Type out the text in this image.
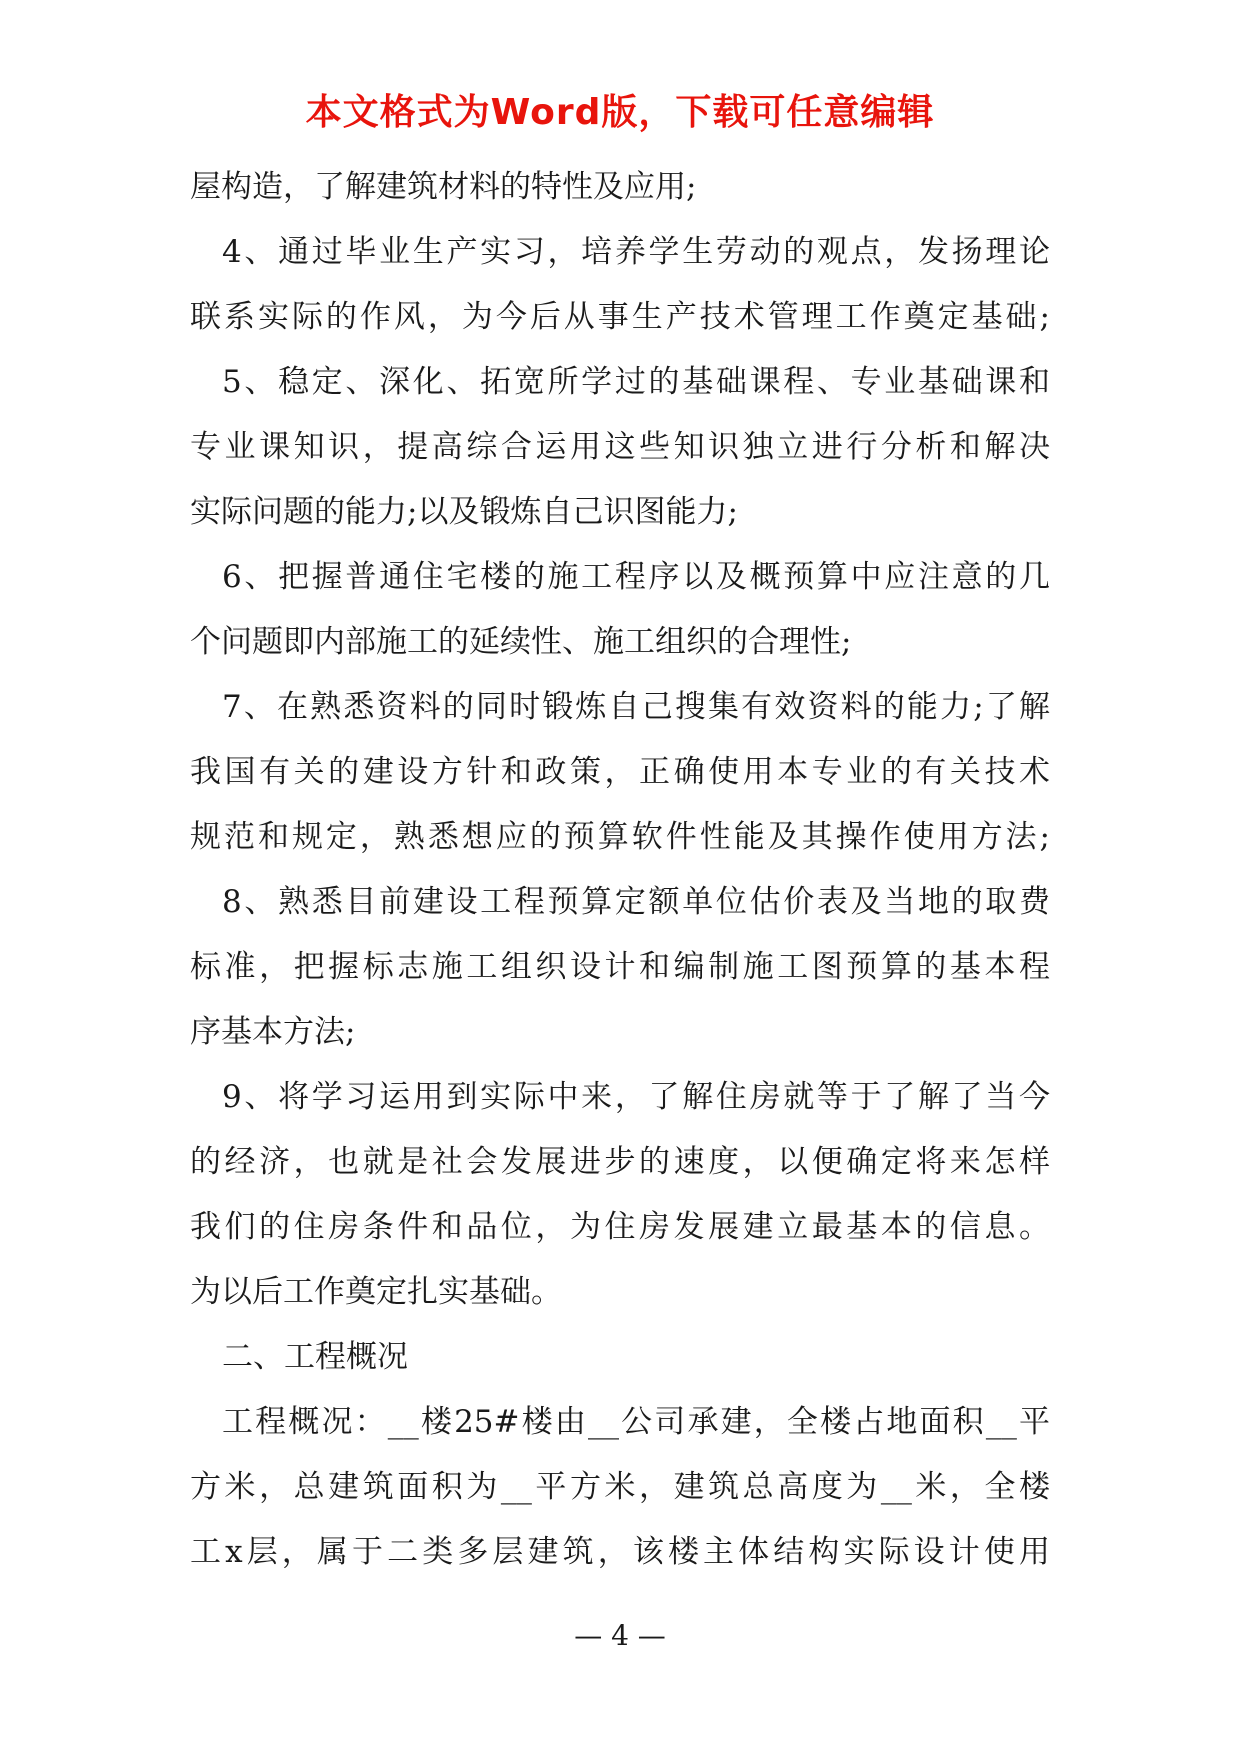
本文格式为Word版，下载可任意编辑
屋构造，了解建筑材料的特性及应用;
4、通过毕业生产实习，培养学生劳动的观点，发扬理论
联系实际的作风，为今后从事生产技术管理工作奠定基础;
5、稳定、深化、拓宽所学过的基础课程、专业基础课和
专业课知识，提高综合运用这些知识独立进行分析和解决
实际问题的能力;以及锻炼自己识图能力;
6、把握普通住宅楼的施工程序以及概预算中应注意的几
个问题即内部施工的延续性、施工组织的合理性;
7、在熟悉资料的同时锻炼自己搜集有效资料的能力;了解
我国有关的建设方针和政策，正确使用本专业的有关技术
规范和规定，熟悉想应的预算软件性能及其操作使用方法;
8、熟悉目前建设工程预算定额单位估价表及当地的取费
标准，把握标志施工组织设计和编制施工图预算的基本程
序基本方法;
9、将学习运用到实际中来，了解住房就等于了解了当今
的经济，也就是社会发展进步的速度，以便确定将来怎样
我们的住房条件和品位，为住房发展建立最基本的信息。
为以后工作奠定扎实基础。
二、工程概况
工程概况：__楼25#楼由__公司承建，全楼占地面积__平
方米，总建筑面积为__平方米，建筑总高度为__米，全楼
工x层，属于二类多层建筑，该楼主体结构实际设计使用
— 4 —
